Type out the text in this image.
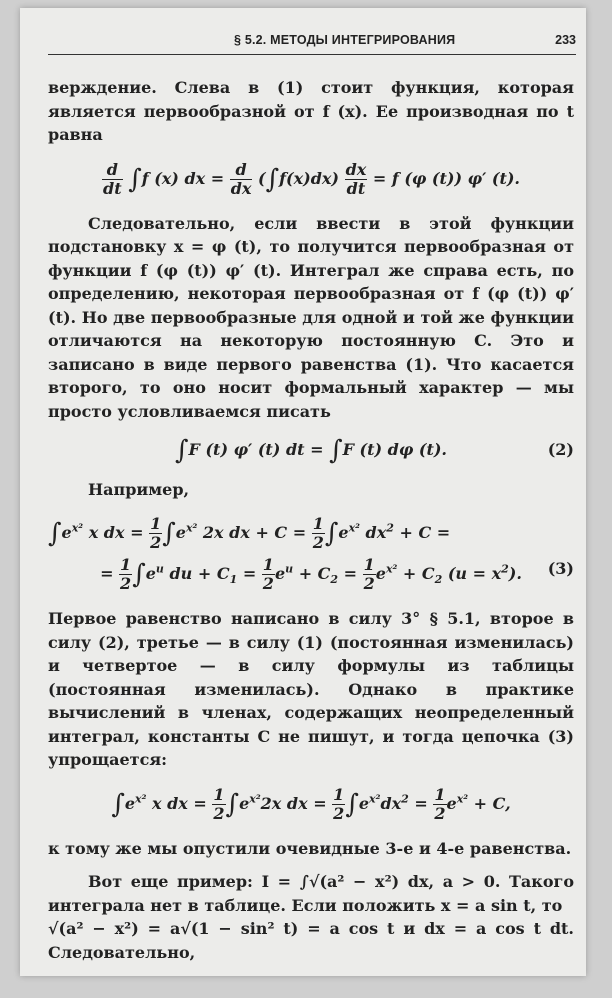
§ 5.2. МЕТОДЫ ИНТЕГРИРОВАНИЯ	233

верждение. Слева в (1) стоит функция, которая является первообразной от f (x). Ее производная по t равна

$\frac{d}{dt} \int f$ (x) dx = $\frac{d}{dx} (\int f(x)dx) \frac{dx}{dt} = f$ (φ (t)) φ′ (t).

Следовательно, если ввести в этой функции подстановку x = φ (t), то получится первообразная от функции f (φ (t)) φ′ (t). Интеграл же справа есть, по определению, некоторая первообразная от f (φ (t)) φ′ (t). Но две первообразные для одной и той же функции отличаются на некоторую постоянную C. Это и записано в виде первого равенства (1). Что касается второго, то оно носит формальный характер — мы просто условливаемся писать

∫F (t) φ′ (t) dt = ∫F (t) dφ (t).	(2)

Например,

$\int e^{x^2}$ x dx = $\frac{1}{2} \int e^{x^2}$ 2x dx + $C = \frac{1}{2} \int e^{x^2}$ $dx^2 + C$ =
= $\frac{1}{2} \int e^u$ du + $C_1 = \frac{1}{2} e^u + C_2 = \frac{1}{2} e^{x^2} + C_2$ $(u = x^2)$. (3)

Первое равенство написано в силу 3° § 5.1, второе в силу (2), третье — в силу (1) (постоянная изменилась) и четвертое — в силу формулы из таблицы (постоянная изменилась). Однако в практике вычислений в членах, содержащих неопределенный интеграл, константы C не пишут, и тогда цепочка (3) упрощается:

$\int e^{x^2}$ x dx = $\frac{1}{2} \int e^{x^2}2x$ dx = $\frac{1}{2} \int e^{x^2}dx^2 = \frac{1}{2} e^{x^2} + C$,

к тому же мы опустили очевидные 3-е и 4-е равенства.

Вот еще пример: I = ∫√(a² − x²) dx, a > 0. Такого интеграла нет в таблице. Если положить x = a sin t, то

√(a² − x²) = a√(1 − sin² t) = a cos t и dx = a cos t dt. Следовательно,
